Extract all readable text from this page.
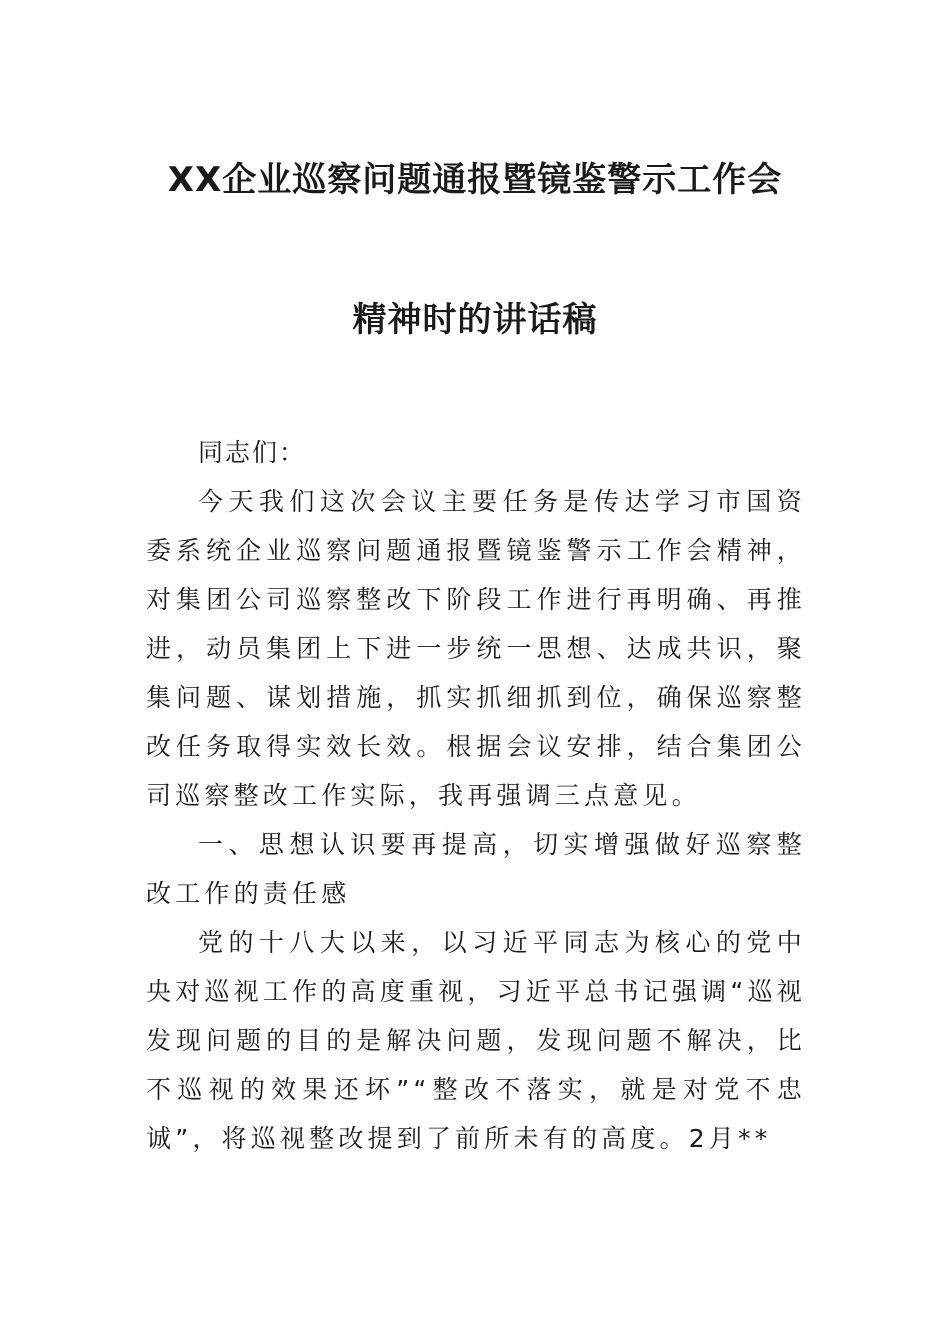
XX企业巡察问题通报暨镜鉴警示工作会
精神时的讲话稿
同志们：

今天我们这次会议主要任务是传达学习市国资委系统企业巡察问题通报暨镜鉴警示工作会精神，对集团公司巡察整改下阶段工作进行再明确、再推进，动员集团上下进一步统一思想、达成共识，聚集问题、谋划措施，抓实抓细抓到位，确保巡察整改任务取得实效长效。根据会议安排，结合集团公司巡察整改工作实际，我再强调三点意见。

一、思想认识要再提高，切实增强做好巡察整改工作的责任感

党的十八大以来，以习近平同志为核心的党中央对巡视工作的高度重视，习近平总书记强调“巡视发现问题的目的是解决问题，发现问题不解决，比不巡视的效果还坏”“整改不落实，就是对党不忠诚”，将巡视整改提到了前所未有的高度。2月**
